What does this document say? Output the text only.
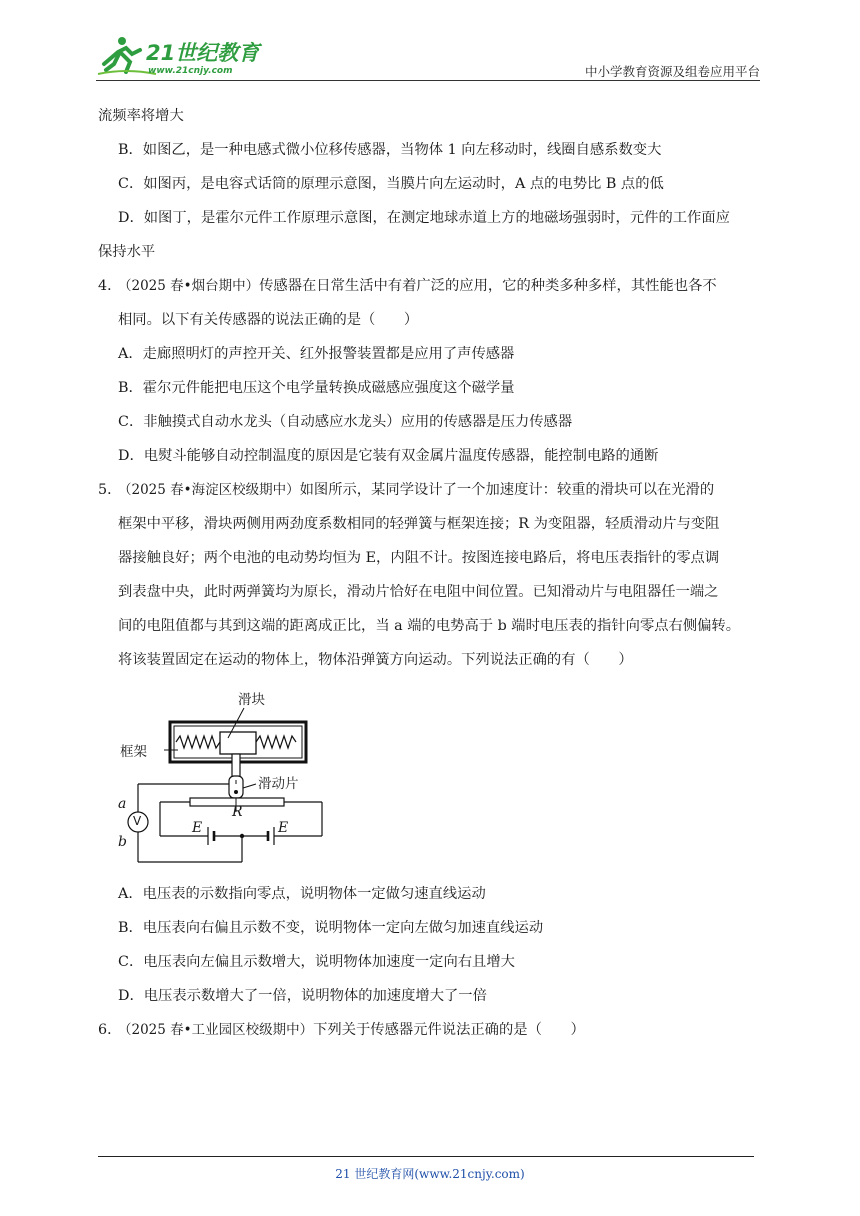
21世纪教育
www.21cnjy.com	中小学教育资源及组卷应用平台
流频率将增大
B．如图乙，是一种电感式微小位移传感器，当物体 1 向左移动时，线圈自感系数变大
C．如图丙，是电容式话筒的原理示意图，当膜片向左运动时，A 点的电势比 B 点的低
D．如图丁，是霍尔元件工作原理示意图，在测定地球赤道上方的地磁场强弱时，元件的工作面应
保持水平
4．（2025 春•烟台期中）传感器在日常生活中有着广泛的应用，它的种类多种多样，其性能也各不
相同。以下有关传感器的说法正确的是（　　）
A．走廊照明灯的声控开关、红外报警装置都是应用了声传感器
B．霍尔元件能把电压这个电学量转换成磁感应强度这个磁学量
C．非触摸式自动水龙头（自动感应水龙头）应用的传感器是压力传感器
D．电熨斗能够自动控制温度的原因是它装有双金属片温度传感器，能控制电路的通断
5．（2025 春•海淀区校级期中）如图所示，某同学设计了一个加速度计：较重的滑块可以在光滑的
框架中平移，滑块两侧用两劲度系数相同的轻弹簧与框架连接；R 为变阻器，轻质滑动片与变阻
器接触良好；两个电池的电动势均恒为 E，内阻不计。按图连接电路后，将电压表指针的零点调
到表盘中央，此时两弹簧均为原长，滑动片恰好在电阻中间位置。已知滑动片与电阻器任一端之
间的电阻值都与其到这端的距离成正比，当 a 端的电势高于 b 端时电压表的指针向零点右侧偏转。
将该装置固定在运动的物体上，物体沿弹簧方向运动。下列说法正确的有（　　）
滑块
框架
滑动片
R
E	E
a
b
V
A．电压表的示数指向零点，说明物体一定做匀速直线运动
B．电压表向右偏且示数不变，说明物体一定向左做匀加速直线运动
C．电压表向左偏且示数增大，说明物体加速度一定向右且增大
D．电压表示数增大了一倍，说明物体的加速度增大了一倍
6．（2025 春•工业园区校级期中）下列关于传感器元件说法正确的是（　　）
21 世纪教育网(www.21cnjy.com)
